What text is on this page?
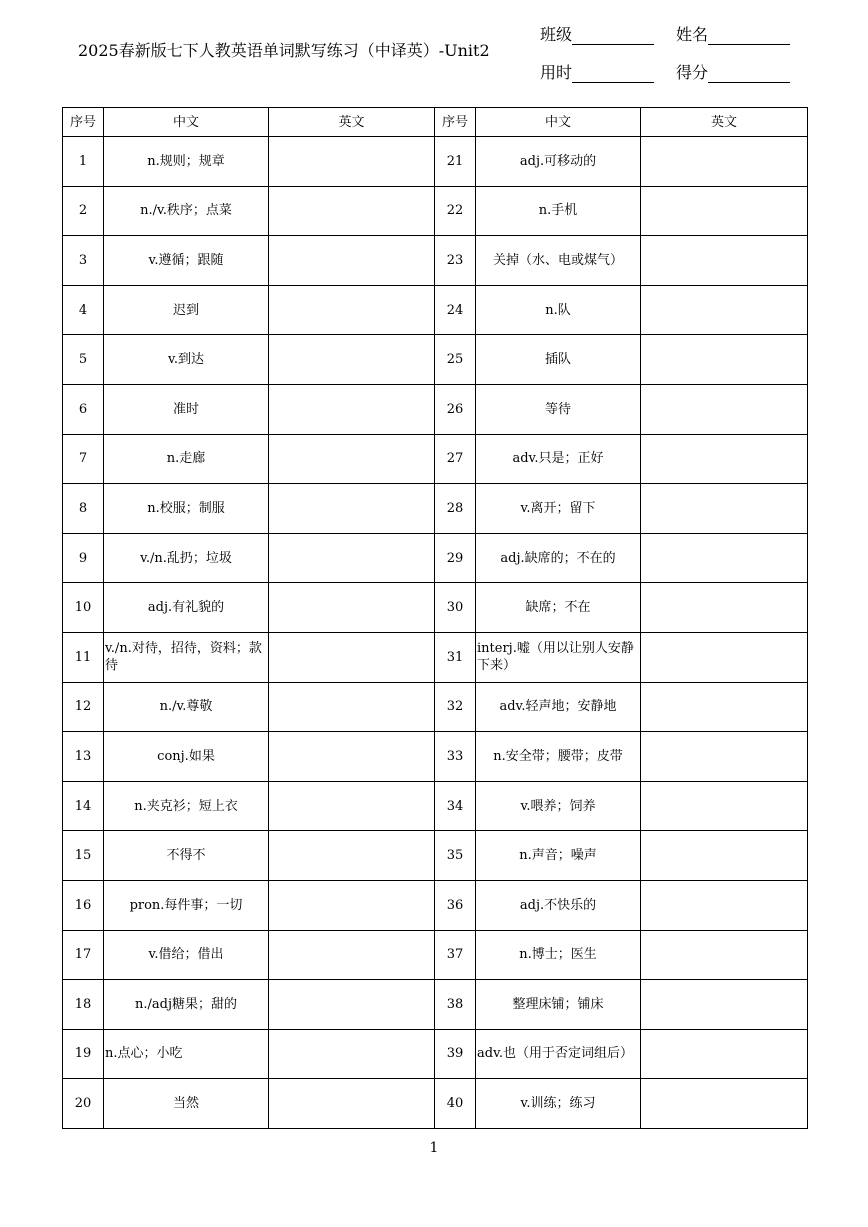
2025春新版七下人教英语单词默写练习（中译英）-Unit2
班级	姓名
用时	得分
序号	中文	英文	序号	中文	英文
1	n.规则；规章		21	adj.可移动的	
2	n./v.秩序；点菜		22	n.手机	
3	v.遵循；跟随		23	关掉（水、电或煤气）	
4	迟到		24	n.队	
5	v.到达		25	插队	
6	准时		26	等待	
7	n.走廊		27	adv.只是；正好	
8	n.校服；制服		28	v.离开；留下	
9	v./n.乱扔；垃圾		29	adj.缺席的；不在的	
10	adj.有礼貌的		30	缺席；不在	
11	v./n.对待，招待，资料；款待		31	interj.嘘（用以让别人安静下来）	
12	n./v.尊敬		32	adv.轻声地；安静地	
13	conj.如果		33	n.安全带；腰带；皮带	
14	n.夹克衫；短上衣		34	v.喂养；饲养	
15	不得不		35	n.声音；噪声	
16	pron.每件事；一切		36	adj.不快乐的	
17	v.借给；借出		37	n.博士；医生	
18	n./adj糖果；甜的		38	整理床铺；铺床	
19	n.点心；小吃		39	adv.也（用于否定词组后）	
20	当然		40	v.训练；练习	
1
